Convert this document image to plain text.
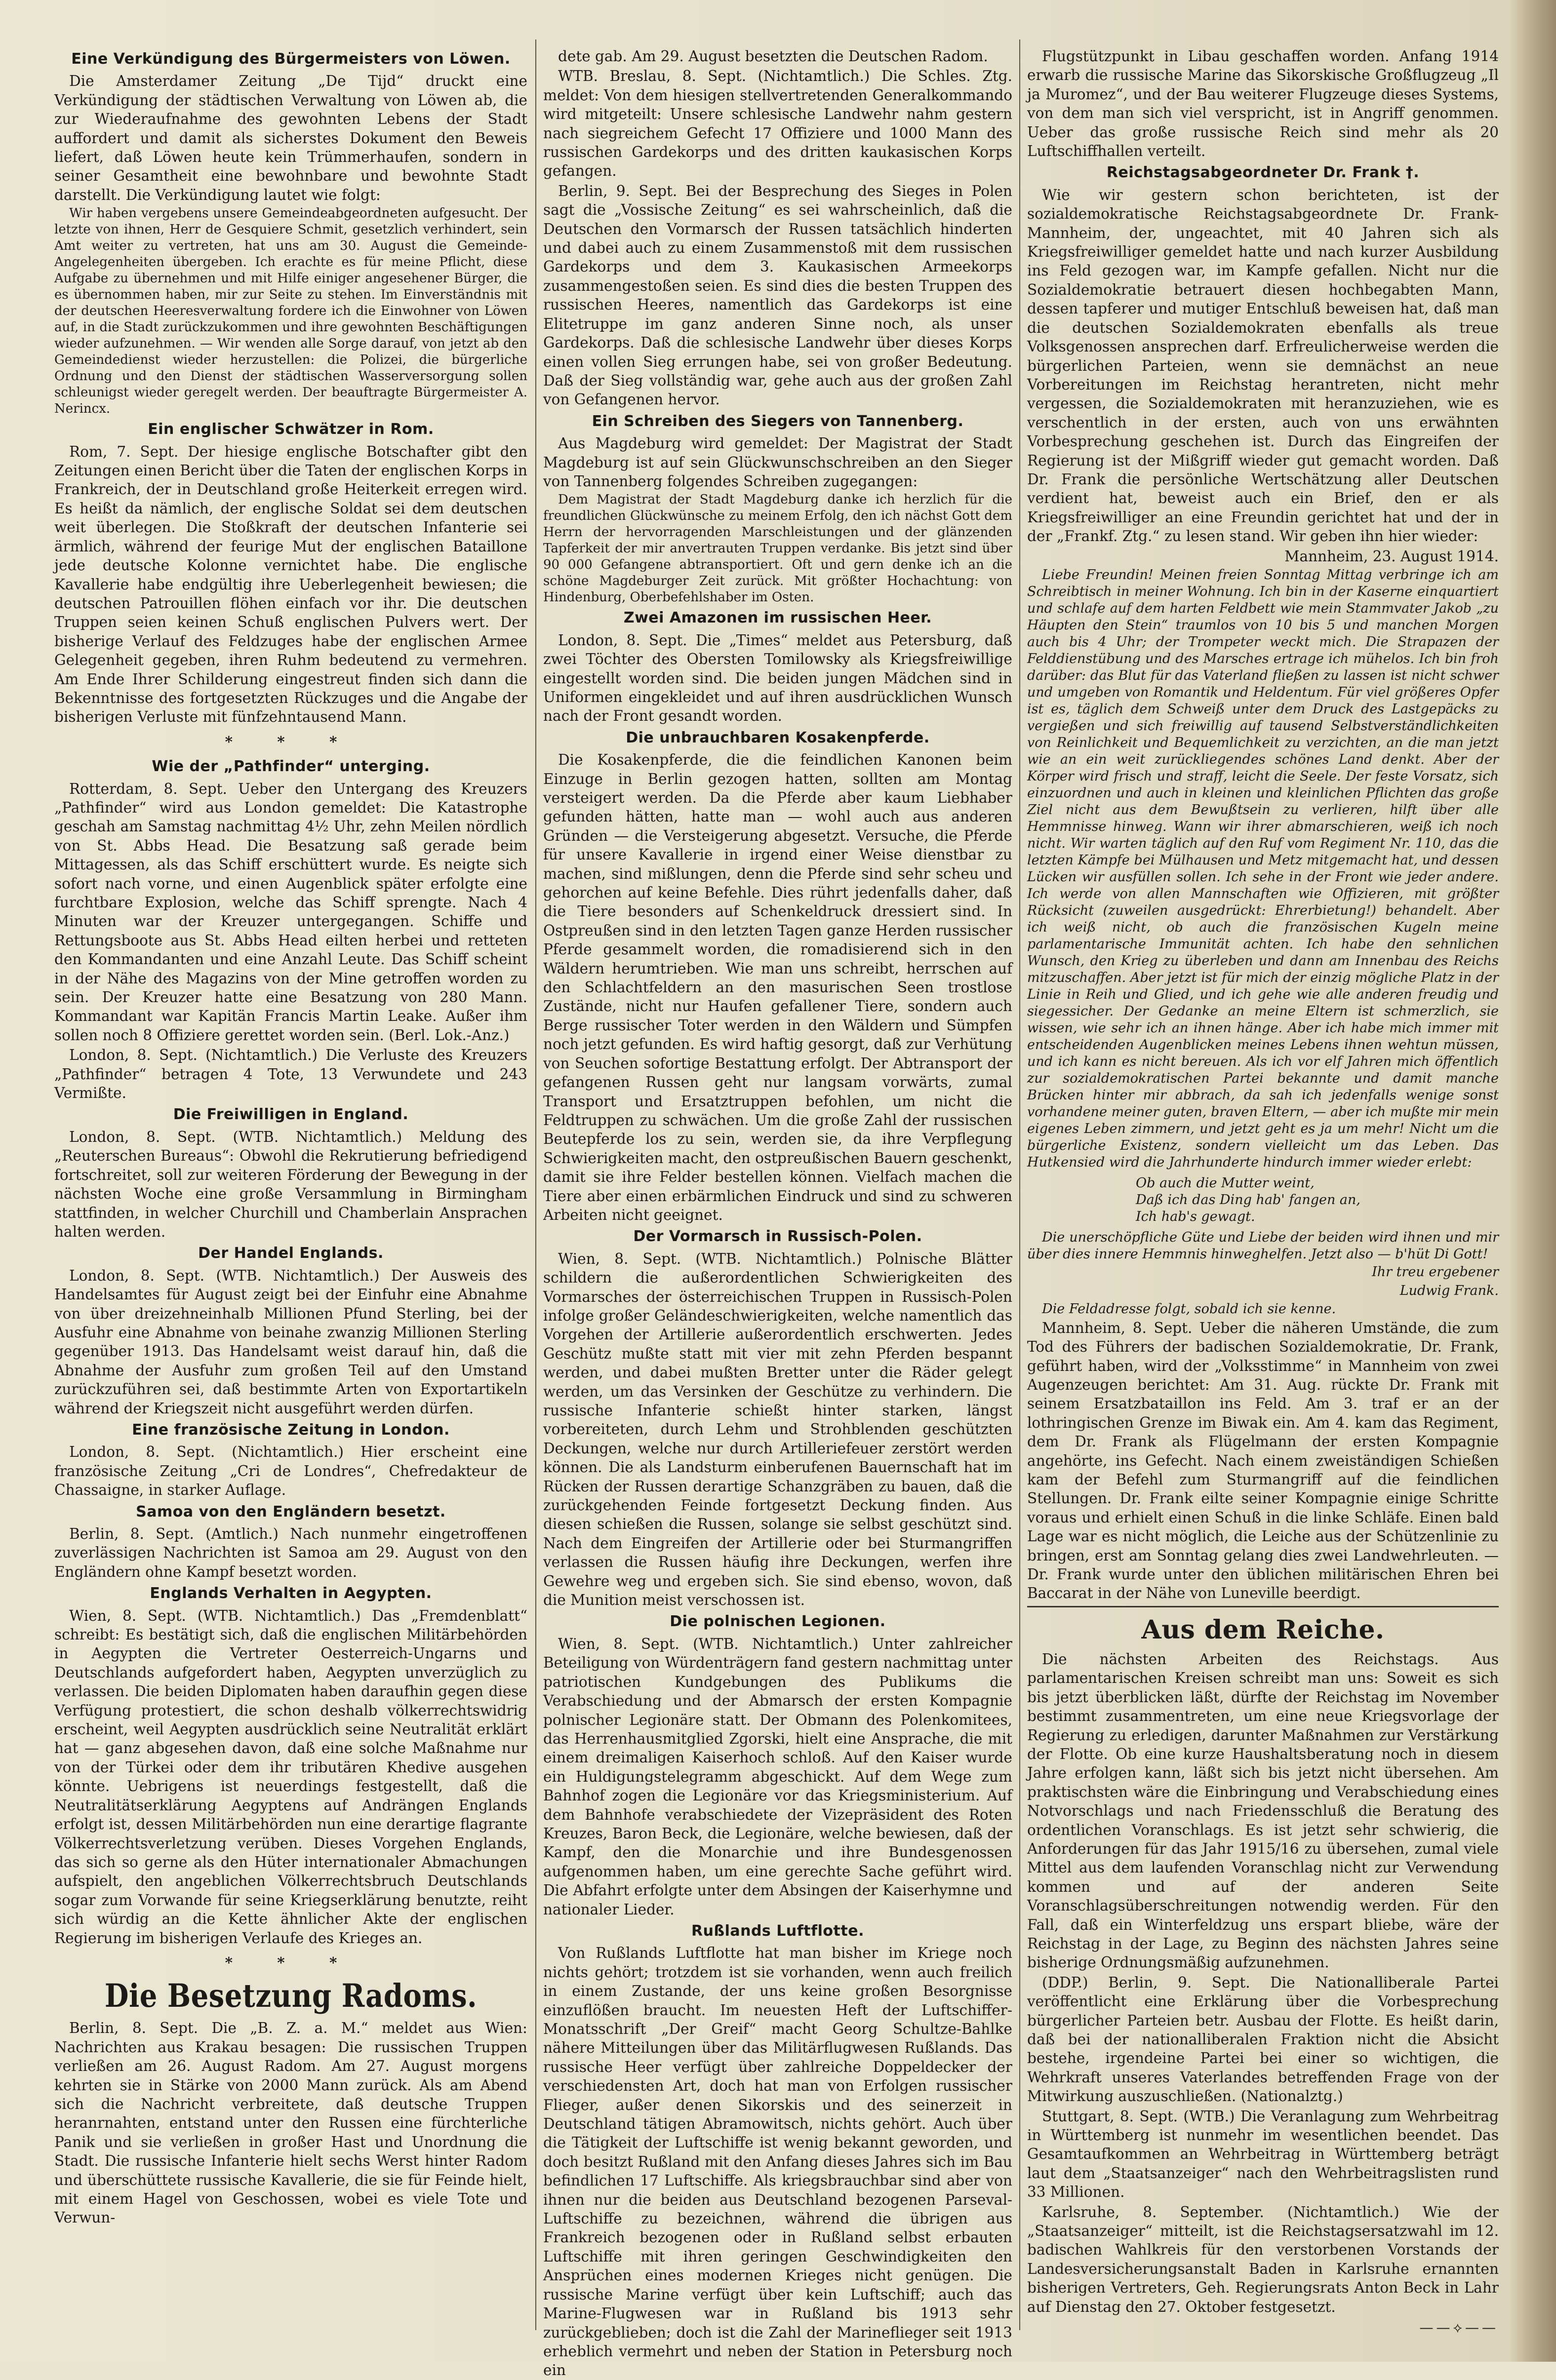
Eine Verkündigung des Bürgermeisters von Löwen.
Die Amsterdamer Zeitung „De Tijd“ druckt eine Verkündigung der städtischen Verwaltung von Löwen ab, die zur Wiederaufnahme des gewohnten Lebens der Stadt auffordert und damit als sicherstes Dokument den Beweis liefert, daß Löwen heute kein Trümmerhaufen, sondern in seiner Gesamtheit eine bewohnbare und bewohnte Stadt darstellt. Die Verkündigung lautet wie folgt:
Wir haben vergebens unsere Gemeindeabgeordneten aufgesucht. Der letzte von ihnen, Herr de Gesquiere Schmit, gesetzlich verhindert, sein Amt weiter zu vertreten, hat uns am 30. August die Gemeinde-Angelegenheiten übergeben. Ich erachte es für meine Pflicht, diese Aufgabe zu übernehmen und mit Hilfe einiger angesehener Bürger, die es übernommen haben, mir zur Seite zu stehen. Im Einverständnis mit der deutschen Heeresverwaltung fordere ich die Einwohner von Löwen auf, in die Stadt zurückzukommen und ihre gewohnten Beschäftigungen wieder aufzunehmen. — Wir wenden alle Sorge darauf, von jetzt ab den Gemeindedienst wieder herzustellen: die Polizei, die bürgerliche Ordnung und den Dienst der städtischen Wasserversorgung sollen schleunigst wieder geregelt werden. Der beauftragte Bürgermeister A. Nerincx.
Ein englischer Schwätzer in Rom.
Rom, 7. Sept. Der hiesige englische Botschafter gibt den Zeitungen einen Bericht über die Taten der englischen Korps in Frankreich, der in Deutschland große Heiterkeit erregen wird. Es heißt da nämlich, der englische Soldat sei dem deutschen weit überlegen. Die Stoßkraft der deutschen Infanterie sei ärmlich, während der feurige Mut der englischen Bataillone jede deutsche Kolonne vernichtet habe. Die englische Kavallerie habe endgültig ihre Ueberlegenheit bewiesen; die deutschen Patrouillen flöhen einfach vor ihr. Die deutschen Truppen seien keinen Schuß englischen Pulvers wert. Der bisherige Verlauf des Feldzuges habe der englischen Armee Gelegenheit gegeben, ihren Ruhm bedeutend zu vermehren. Am Ende Ihrer Schilderung eingestreut finden sich dann die Bekenntnisse des fortgesetzten Rückzuges und die Angabe der bisherigen Verluste mit fünfzehntausend Mann.
* * *
Wie der „Pathfinder“ unterging.
Rotterdam, 8. Sept. Ueber den Untergang des Kreuzers „Pathfinder“ wird aus London gemeldet: Die Katastrophe geschah am Samstag nachmittag 4½ Uhr, zehn Meilen nördlich von St. Abbs Head. Die Besatzung saß gerade beim Mittagessen, als das Schiff erschüttert wurde. Es neigte sich sofort nach vorne, und einen Augenblick später erfolgte eine furchtbare Explosion, welche das Schiff sprengte. Nach 4 Minuten war der Kreuzer untergegangen. Schiffe und Rettungsboote aus St. Abbs Head eilten herbei und retteten den Kommandanten und eine Anzahl Leute. Das Schiff scheint in der Nähe des Magazins von der Mine getroffen worden zu sein. Der Kreuzer hatte eine Besatzung von 280 Mann. Kommandant war Kapitän Francis Martin Leake. Außer ihm sollen noch 8 Offiziere gerettet worden sein. (Berl. Lok.-Anz.)
London, 8. Sept. (Nichtamtlich.) Die Verluste des Kreuzers „Pathfinder“ betragen 4 Tote, 13 Verwundete und 243 Vermißte.
Die Freiwilligen in England.
London, 8. Sept. (WTB. Nichtamtlich.) Meldung des „Reuterschen Bureaus“: Obwohl die Rekrutierung befriedigend fortschreitet, soll zur weiteren Förderung der Bewegung in der nächsten Woche eine große Versammlung in Birmingham stattfinden, in welcher Churchill und Chamberlain Ansprachen halten werden.
Der Handel Englands.
London, 8. Sept. (WTB. Nichtamtlich.) Der Ausweis des Handelsamtes für August zeigt bei der Einfuhr eine Abnahme von über dreizehneinhalb Millionen Pfund Sterling, bei der Ausfuhr eine Abnahme von beinahe zwanzig Millionen Sterling gegenüber 1913. Das Handelsamt weist darauf hin, daß die Abnahme der Ausfuhr zum großen Teil auf den Umstand zurückzuführen sei, daß bestimmte Arten von Exportartikeln während der Kriegszeit nicht ausgeführt werden dürfen.
Eine französische Zeitung in London.
London, 8. Sept. (Nichtamtlich.) Hier erscheint eine französische Zeitung „Cri de Londres“, Chefredakteur de Chassaigne, in starker Auflage.
Samoa von den Engländern besetzt.
Berlin, 8. Sept. (Amtlich.) Nach nunmehr eingetroffenen zuverlässigen Nachrichten ist Samoa am 29. August von den Engländern ohne Kampf besetzt worden.
Englands Verhalten in Aegypten.
Wien, 8. Sept. (WTB. Nichtamtlich.) Das „Fremdenblatt“ schreibt: Es bestätigt sich, daß die englischen Militärbehörden in Aegypten die Vertreter Oesterreich-Ungarns und Deutschlands aufgefordert haben, Aegypten unverzüglich zu verlassen. Die beiden Diplomaten haben daraufhin gegen diese Verfügung protestiert, die schon deshalb völkerrechtswidrig erscheint, weil Aegypten ausdrücklich seine Neutralität erklärt hat — ganz abgesehen davon, daß eine solche Maßnahme nur von der Türkei oder dem ihr tributären Khedive ausgehen könnte. Uebrigens ist neuerdings festgestellt, daß die Neutralitätserklärung Aegyptens auf Andrängen Englands erfolgt ist, dessen Militärbehörden nun eine derartige flagrante Völkerrechtsverletzung verüben. Dieses Vorgehen Englands, das sich so gerne als den Hüter internationaler Abmachungen aufspielt, den angeblichen Völkerrechtsbruch Deutschlands sogar zum Vorwande für seine Kriegserklärung benutzte, reiht sich würdig an die Kette ähnlicher Akte der englischen Regierung im bisherigen Verlaufe des Krieges an.
* * *
Die Besetzung Radoms.
Berlin, 8. Sept. Die „B. Z. a. M.“ meldet aus Wien: Nachrichten aus Krakau besagen: Die russischen Truppen verließen am 26. August Radom. Am 27. August morgens kehrten sie in Stärke von 2000 Mann zurück. Als am Abend sich die Nachricht verbreitete, daß deutsche Truppen heranrnahten, entstand unter den Russen eine fürchterliche Panik und sie verließen in großer Hast und Unordnung die Stadt. Die russische Infanterie hielt sechs Werst hinter Radom und überschüttete russische Kavallerie, die sie für Feinde hielt, mit einem Hagel von Geschossen, wobei es viele Tote und Verwun-
dete gab. Am 29. August besetzten die Deutschen Radom.
WTB. Breslau, 8. Sept. (Nichtamtlich.) Die Schles. Ztg. meldet: Von dem hiesigen stellvertretenden Generalkommando wird mitgeteilt: Unsere schlesische Landwehr nahm gestern nach siegreichem Gefecht 17 Offiziere und 1000 Mann des russischen Gardekorps und des dritten kaukasischen Korps gefangen.
Berlin, 9. Sept. Bei der Besprechung des Sieges in Polen sagt die „Vossische Zeitung“ es sei wahrscheinlich, daß die Deutschen den Vormarsch der Russen tatsächlich hinderten und dabei auch zu einem Zusammenstoß mit dem russischen Gardekorps und dem 3. Kaukasischen Armeekorps zusammengestoßen seien. Es sind dies die besten Truppen des russischen Heeres, namentlich das Gardekorps ist eine Elitetruppe im ganz anderen Sinne noch, als unser Gardekorps. Daß die schlesische Landwehr über dieses Korps einen vollen Sieg errungen habe, sei von großer Bedeutung. Daß der Sieg vollständig war, gehe auch aus der großen Zahl von Gefangenen hervor.
Ein Schreiben des Siegers von Tannenberg.
Aus Magdeburg wird gemeldet: Der Magistrat der Stadt Magdeburg ist auf sein Glückwunschschreiben an den Sieger von Tannenberg folgendes Schreiben zugegangen:
Dem Magistrat der Stadt Magdeburg danke ich herzlich für die freundlichen Glückwünsche zu meinem Erfolg, den ich nächst Gott dem Herrn der hervorragenden Marschleistungen und der glänzenden Tapferkeit der mir anvertrauten Truppen verdanke. Bis jetzt sind über 90 000 Gefangene abtransportiert. Oft und gern denke ich an die schöne Magdeburger Zeit zurück. Mit größter Hochachtung: von Hindenburg, Oberbefehlshaber im Osten.
Zwei Amazonen im russischen Heer.
London, 8. Sept. Die „Times“ meldet aus Petersburg, daß zwei Töchter des Obersten Tomilowsky als Kriegsfreiwillige eingestellt worden sind. Die beiden jungen Mädchen sind in Uniformen eingekleidet und auf ihren ausdrücklichen Wunsch nach der Front gesandt worden.
Die unbrauchbaren Kosakenpferde.
Die Kosakenpferde, die die feindlichen Kanonen beim Einzuge in Berlin gezogen hatten, sollten am Montag versteigert werden. Da die Pferde aber kaum Liebhaber gefunden hätten, hatte man — wohl auch aus anderen Gründen — die Versteigerung abgesetzt. Versuche, die Pferde für unsere Kavallerie in irgend einer Weise dienstbar zu machen, sind mißlungen, denn die Pferde sind sehr scheu und gehorchen auf keine Befehle. Dies rührt jedenfalls daher, daß die Tiere besonders auf Schenkeldruck dressiert sind. In Ostpreußen sind in den letzten Tagen ganze Herden russischer Pferde gesammelt worden, die romadisierend sich in den Wäldern herumtrieben. Wie man uns schreibt, herrschen auf den Schlachtfeldern an den masurischen Seen trostlose Zustände, nicht nur Haufen gefallener Tiere, sondern auch Berge russischer Toter werden in den Wäldern und Sümpfen noch jetzt gefunden. Es wird haftig gesorgt, daß zur Verhütung von Seuchen sofortige Bestattung erfolgt. Der Abtransport der gefangenen Russen geht nur langsam vorwärts, zumal Transport und Ersatztruppen befohlen, um nicht die Feldtruppen zu schwächen. Um die große Zahl der russischen Beutepferde los zu sein, werden sie, da ihre Verpflegung Schwierigkeiten macht, den ostpreußischen Bauern geschenkt, damit sie ihre Felder bestellen können. Vielfach machen die Tiere aber einen erbärmlichen Eindruck und sind zu schweren Arbeiten nicht geeignet.
Der Vormarsch in Russisch-Polen.
Wien, 8. Sept. (WTB. Nichtamtlich.) Polnische Blätter schildern die außerordentlichen Schwierigkeiten des Vormarsches der österreichischen Truppen in Russisch-Polen infolge großer Geländeschwierigkeiten, welche namentlich das Vorgehen der Artillerie außerordentlich erschwerten. Jedes Geschütz mußte statt mit vier mit zehn Pferden bespannt werden, und dabei mußten Bretter unter die Räder gelegt werden, um das Versinken der Geschütze zu verhindern. Die russische Infanterie schießt hinter starken, längst vorbereiteten, durch Lehm und Strohblenden geschützten Deckungen, welche nur durch Artilleriefeuer zerstört werden können. Die als Landsturm einberufenen Bauernschaft hat im Rücken der Russen derartige Schanzgräben zu bauen, daß die zurückgehenden Feinde fortgesetzt Deckung finden. Aus diesen schießen die Russen, solange sie selbst geschützt sind. Nach dem Eingreifen der Artillerie oder bei Sturmangriffen verlassen die Russen häufig ihre Deckungen, werfen ihre Gewehre weg und ergeben sich. Sie sind ebenso, wovon, daß die Munition meist verschossen ist.
Die polnischen Legionen.
Wien, 8. Sept. (WTB. Nichtamtlich.) Unter zahlreicher Beteiligung von Würdenträgern fand gestern nachmittag unter patriotischen Kundgebungen des Publikums die Verabschiedung und der Abmarsch der ersten Kompagnie polnischer Legionäre statt. Der Obmann des Polenkomitees, das Herrenhausmitglied Zgorski, hielt eine Ansprache, die mit einem dreimaligen Kaiserhoch schloß. Auf den Kaiser wurde ein Huldigungstelegramm abgeschickt. Auf dem Wege zum Bahnhof zogen die Legionäre vor das Kriegsministerium. Auf dem Bahnhofe verabschiedete der Vizepräsident des Roten Kreuzes, Baron Beck, die Legionäre, welche bewiesen, daß der Kampf, den die Monarchie und ihre Bundesgenossen aufgenommen haben, um eine gerechte Sache geführt wird. Die Abfahrt erfolgte unter dem Absingen der Kaiserhymne und nationaler Lieder.
Rußlands Luftflotte.
Von Rußlands Luftflotte hat man bisher im Kriege noch nichts gehört; trotzdem ist sie vorhanden, wenn auch freilich in einem Zustande, der uns keine großen Besorgnisse einzuflößen braucht. Im neuesten Heft der Luftschiffer-Monatsschrift „Der Greif“ macht Georg Schultze-Bahlke nähere Mitteilungen über das Militärflugwesen Rußlands. Das russische Heer verfügt über zahlreiche Doppeldecker der verschiedensten Art, doch hat man von Erfolgen russischer Flieger, außer denen Sikorskis und des seinerzeit in Deutschland tätigen Abramowitsch, nichts gehört. Auch über die Tätigkeit der Luftschiffe ist wenig bekannt geworden, und doch besitzt Rußland mit den Anfang dieses Jahres sich im Bau befindlichen 17 Luftschiffe. Als kriegsbrauchbar sind aber von ihnen nur die beiden aus Deutschland bezogenen Parseval-Luftschiffe zu bezeichnen, während die übrigen aus Frankreich bezogenen oder in Rußland selbst erbauten Luftschiffe mit ihren geringen Geschwindigkeiten den Ansprüchen eines modernen Krieges nicht genügen. Die russische Marine verfügt über kein Luftschiff; auch das Marine-Flugwesen war in Rußland bis 1913 sehr zurückgeblieben; doch ist die Zahl der Marineflieger seit 1913 erheblich vermehrt und neben der Station in Petersburg noch ein
Flugstützpunkt in Libau geschaffen worden. Anfang 1914 erwarb die russische Marine das Sikorskische Großflugzeug „Il ja Muromez“, und der Bau weiterer Flugzeuge dieses Systems, von dem man sich viel verspricht, ist in Angriff genommen. Ueber das große russische Reich sind mehr als 20 Luftschiffhallen verteilt.
Reichstagsabgeordneter Dr. Frank †.
Wie wir gestern schon berichteten, ist der sozialdemokratische Reichstagsabgeordnete Dr. Frank-Mannheim, der, ungeachtet, mit 40 Jahren sich als Kriegsfreiwilliger gemeldet hatte und nach kurzer Ausbildung ins Feld gezogen war, im Kampfe gefallen. Nicht nur die Sozialdemokratie betrauert diesen hochbegabten Mann, dessen tapferer und mutiger Entschluß beweisen hat, daß man die deutschen Sozialdemokraten ebenfalls als treue Volksgenossen ansprechen darf. Erfreulicherweise werden die bürgerlichen Parteien, wenn sie demnächst an neue Vorbereitungen im Reichstag herantreten, nicht mehr vergessen, die Sozialdemokraten mit heranzuziehen, wie es verschentlich in der ersten, auch von uns erwähnten Vorbesprechung geschehen ist. Durch das Eingreifen der Regierung ist der Mißgriff wieder gut gemacht worden. Daß Dr. Frank die persönliche Wertschätzung aller Deutschen verdient hat, beweist auch ein Brief, den er als Kriegsfreiwilliger an eine Freundin gerichtet hat und der in der „Frankf. Ztg.“ zu lesen stand. Wir geben ihn hier wieder:
Mannheim, 23. August 1914.
Liebe Freundin! Meinen freien Sonntag Mittag verbringe ich am Schreibtisch in meiner Wohnung. Ich bin in der Kaserne einquartiert und schlafe auf dem harten Feldbett wie mein Stammvater Jakob „zu Häupten den Stein“ traumlos von 10 bis 5 und manchen Morgen auch bis 4 Uhr; der Trompeter weckt mich. Die Strapazen der Felddienstübung und des Marsches ertrage ich mühelos. Ich bin froh darüber: das Blut für das Vaterland fließen zu lassen ist nicht schwer und umgeben von Romantik und Heldentum. Für viel größeres Opfer ist es, täglich dem Schweiß unter dem Druck des Lastgepäcks zu vergießen und sich freiwillig auf tausend Selbstverständlichkeiten von Reinlichkeit und Bequemlichkeit zu verzichten, an die man jetzt wie an ein weit zurückliegendes schönes Land denkt. Aber der Körper wird frisch und straff, leicht die Seele. Der feste Vorsatz, sich einzuordnen und auch in kleinen und kleinlichen Pflichten das große Ziel nicht aus dem Bewußtsein zu verlieren, hilft über alle Hemmnisse hinweg. Wann wir ihrer abmarschieren, weiß ich noch nicht. Wir warten täglich auf den Ruf vom Regiment Nr. 110, das die letzten Kämpfe bei Mülhausen und Metz mitgemacht hat, und dessen Lücken wir ausfüllen sollen. Ich sehe in der Front wie jeder andere. Ich werde von allen Mannschaften wie Offizieren, mit größter Rücksicht (zuweilen ausgedrückt: Ehrerbietung!) behandelt. Aber ich weiß nicht, ob auch die französischen Kugeln meine parlamentarische Immunität achten. Ich habe den sehnlichen Wunsch, den Krieg zu überleben und dann am Innenbau des Reichs mitzuschaffen. Aber jetzt ist für mich der einzig mögliche Platz in der Linie in Reih und Glied, und ich gehe wie alle anderen freudig und siegessicher. Der Gedanke an meine Eltern ist schmerzlich, sie wissen, wie sehr ich an ihnen hänge. Aber ich habe mich immer mit entscheidenden Augenblicken meines Lebens ihnen wehtun müssen, und ich kann es nicht bereuen. Als ich vor elf Jahren mich öffentlich zur sozialdemokratischen Partei bekannte und damit manche Brücken hinter mir abbrach, da sah ich jedenfalls wenige sonst vorhandene meiner guten, braven Eltern, — aber ich mußte mir mein eigenes Leben zimmern, und jetzt geht es ja um mehr! Nicht um die bürgerliche Existenz, sondern vielleicht um das Leben. Das Hutkensied wird die Jahrhunderte hindurch immer wieder erlebt:
Ob auch die Mutter weint,
Daß ich das Ding hab' fangen an,
Ich hab's gewagt.
Die unerschöpfliche Güte und Liebe der beiden wird ihnen und mir über dies innere Hemmnis hinweghelfen. Jetzt also — b'hüt Di Gott!
Ihr treu ergebener
Ludwig Frank.
Die Feldadresse folgt, sobald ich sie kenne.
Mannheim, 8. Sept. Ueber die näheren Umstände, die zum Tod des Führers der badischen Sozialdemokratie, Dr. Frank, geführt haben, wird der „Volksstimme“ in Mannheim von zwei Augenzeugen berichtet: Am 31. Aug. rückte Dr. Frank mit seinem Ersatzbataillon ins Feld. Am 3. traf er an der lothringischen Grenze im Biwak ein. Am 4. kam das Regiment, dem Dr. Frank als Flügelmann der ersten Kompagnie angehörte, ins Gefecht. Nach einem zweiständigen Schießen kam der Befehl zum Sturmangriff auf die feindlichen Stellungen. Dr. Frank eilte seiner Kompagnie einige Schritte voraus und erhielt einen Schuß in die linke Schläfe. Einen bald Lage war es nicht möglich, die Leiche aus der Schützenlinie zu bringen, erst am Sonntag gelang dies zwei Landwehrleuten. — Dr. Frank wurde unter den üblichen militärischen Ehren bei Baccarat in der Nähe von Luneville beerdigt.
Aus dem Reiche.
Die nächsten Arbeiten des Reichstags. Aus parlamentarischen Kreisen schreibt man uns: Soweit es sich bis jetzt überblicken läßt, dürfte der Reichstag im November bestimmt zusammentreten, um eine neue Kriegsvorlage der Regierung zu erledigen, darunter Maßnahmen zur Verstärkung der Flotte. Ob eine kurze Haushaltsberatung noch in diesem Jahre erfolgen kann, läßt sich bis jetzt nicht übersehen. Am praktischsten wäre die Einbringung und Verabschiedung eines Notvorschlags und nach Friedensschluß die Beratung des ordentlichen Voranschlags. Es ist jetzt sehr schwierig, die Anforderungen für das Jahr 1915/16 zu übersehen, zumal viele Mittel aus dem laufenden Voranschlag nicht zur Verwendung kommen und auf der anderen Seite Voranschlagsüberschreitungen notwendig werden. Für den Fall, daß ein Winterfeldzug uns erspart bliebe, wäre der Reichstag in der Lage, zu Beginn des nächsten Jahres seine bisherige Ordnungsmäßig aufzunehmen.
(DDP.) Berlin, 9. Sept. Die Nationalliberale Partei veröffentlicht eine Erklärung über die Vorbesprechung bürgerlicher Parteien betr. Ausbau der Flotte. Es heißt darin, daß bei der nationalliberalen Fraktion nicht die Absicht bestehe, irgendeine Partei bei einer so wichtigen, die Wehrkraft unseres Vaterlandes betreffenden Frage von der Mitwirkung auszuschließen. (Nationalztg.)
Stuttgart, 8. Sept. (WTB.) Die Veranlagung zum Wehrbeitrag in Württemberg ist nunmehr im wesentlichen beendet. Das Gesamtaufkommen an Wehrbeitrag in Württemberg beträgt laut dem „Staatsanzeiger“ nach den Wehrbeitragslisten rund 33 Millionen.
Karlsruhe, 8. September. (Nichtamtlich.) Wie der „Staatsanzeiger“ mitteilt, ist die Reichstagsersatzwahl im 12. badischen Wahlkreis für den verstorbenen Vorstands der Landesversicherungsanstalt Baden in Karlsruhe ernannten bisherigen Vertreters, Geh. Regierungsrats Anton Beck in Lahr auf Dienstag den 27. Oktober festgesetzt.
——⟡——
